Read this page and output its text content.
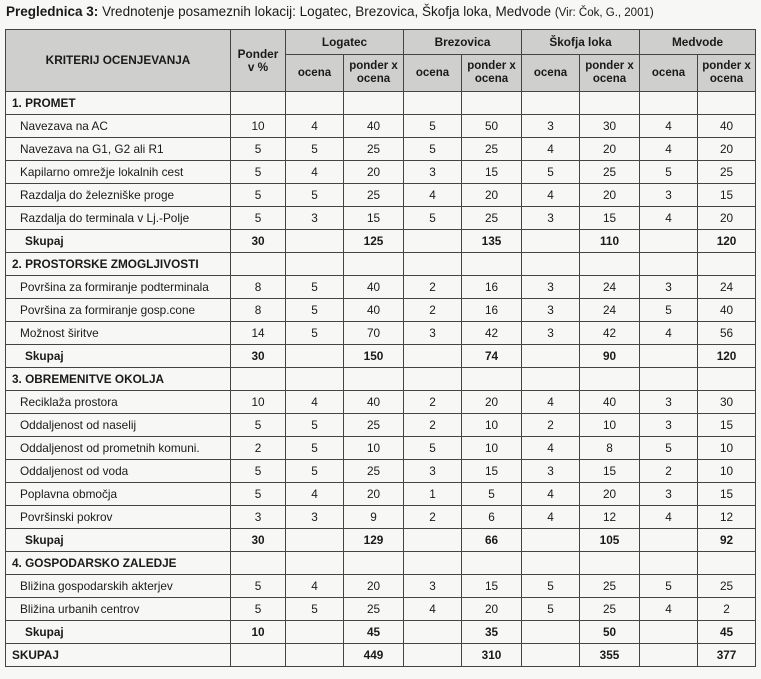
Preglednica 3: Vrednotenje posameznih lokacij: Logatec, Brezovica, Škofja loka, Medvode (Vir: Čok, G., 2001)
KRITERIJ OCENJEVANJA	Ponder v %	Logatec		Brezovica		Škofja loka		Medvode	
		ocena	ponder x ocena	ocena	ponder x ocena	ocena	ponder x ocena	ocena	ponder x ocena
1. PROMET									
Navezava na AC	10	4	40	5	50	3	30	4	40
Navezava na G1, G2 ali R1	5	5	25	5	25	4	20	4	20
Kapilarno omrežje lokalnih cest	5	4	20	3	15	5	25	5	25
Razdalja do železniške proge	5	5	25	4	20	4	20	3	15
Razdalja do terminala v Lj.-Polje	5	3	15	5	25	3	15	4	20
Skupaj	30		125		135		110		120
2. PROSTORSKE ZMOGLJIVOSTI									
Površina za formiranje podterminala	8	5	40	2	16	3	24	3	24
Površina za formiranje gosp.cone	8	5	40	2	16	3	24	5	40
Možnost širitve	14	5	70	3	42	3	42	4	56
Skupaj	30		150		74		90		120
3. OBREMENITVE OKOLJA									
Reciklaža prostora	10	4	40	2	20	4	40	3	30
Oddaljenost od naselij	5	5	25	2	10	2	10	3	15
Oddaljenost od prometnih komuni.	2	5	10	5	10	4	8	5	10
Oddaljenost od voda	5	5	25	3	15	3	15	2	10
Poplavna območja	5	4	20	1	5	4	20	3	15
Površinski pokrov	3	3	9	2	6	4	12	4	12
Skupaj	30		129		66		105		92
4. GOSPODARSKO ZALEDJE									
Bližina gospodarskih akterjev	5	4	20	3	15	5	25	5	25
Bližina urbanih centrov	5	5	25	4	20	5	25	4	2
Skupaj	10		45		35		50		45
SKUPAJ			449		310		355		377
